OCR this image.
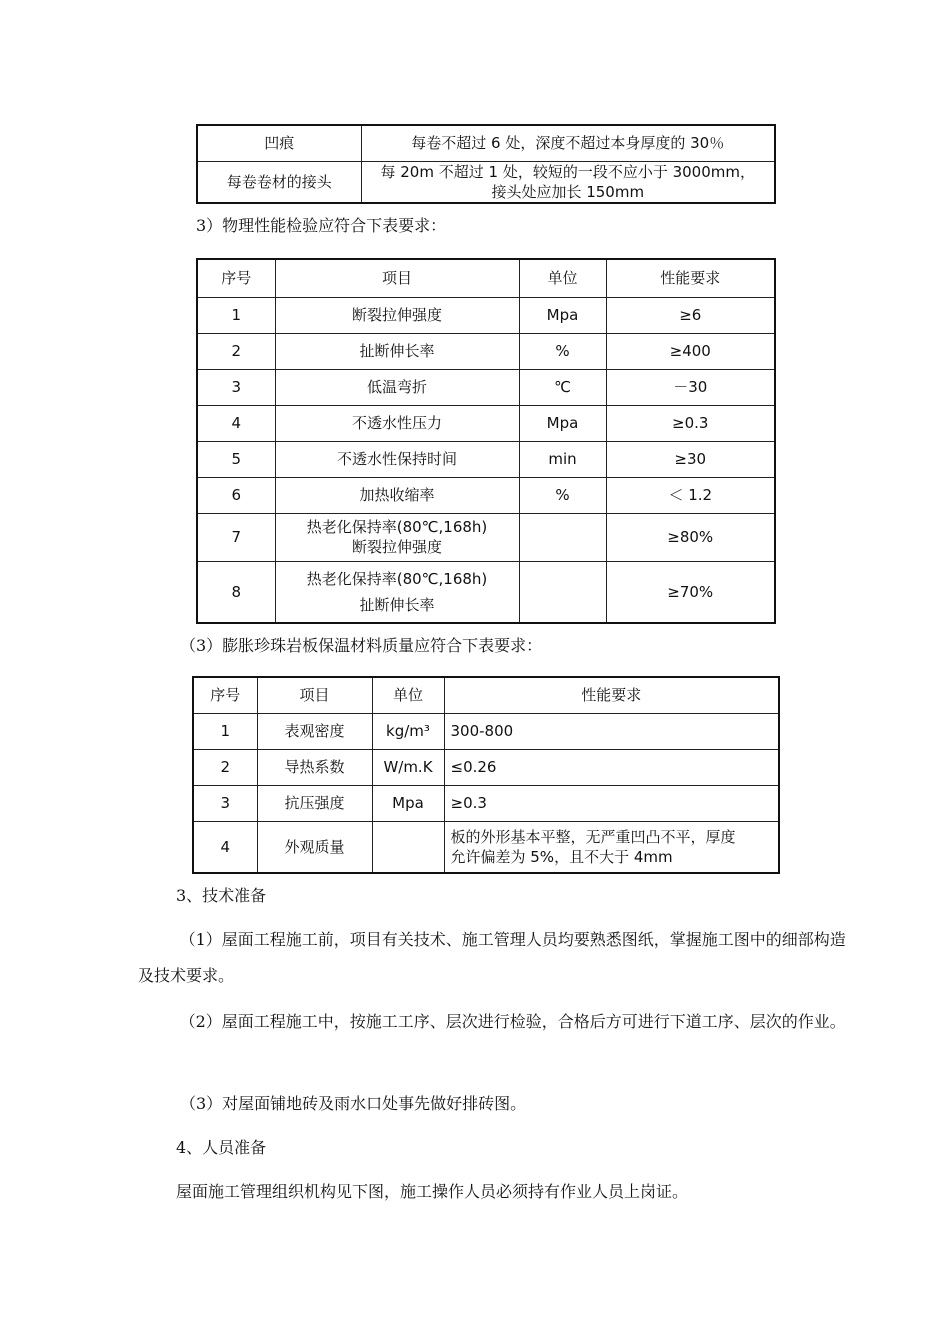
凹痕	每卷不超过 6 处，深度不超过本身厚度的 30％
每卷卷材的接头	每 20m 不超过 1 处，较短的一段不应小于 3000mm，
接头处应加长 150mm
3）物理性能检验应符合下表要求：
序号	项目	单位	性能要求
1	断裂拉伸强度	Mpa	≥6
2	扯断伸长率	%	≥400
3	低温弯折	℃	－30
4	不透水性压力	Mpa	≥0.3
5	不透水性保持时间	min	≥30
6	加热收缩率	%	＜ 1.2
7	热老化保持率(80℃,168h)
断裂拉伸强度		≥80%
8	热老化保持率(80℃,168h)
扯断伸长率		≥70%
（3）膨胀珍珠岩板保温材料质量应符合下表要求：
序号	项目	单位	性能要求
1	表观密度	kg/m³	300-800
2	导热系数	W/m.K	≤0.26
3	抗压强度	Mpa	≥0.3
4	外观质量		板的外形基本平整，无严重凹凸不平，厚度
允许偏差为 5%，且不大于 4mm
3、技术准备
（1）屋面工程施工前，项目有关技术、施工管理人员均要熟悉图纸，掌握施工图中的细部构造及技术要求。
（2）屋面工程施工中，按施工工序、层次进行检验，合格后方可进行下道工序、层次的作业。
（3）对屋面铺地砖及雨水口处事先做好排砖图。
4、人员准备
屋面施工管理组织机构见下图，施工操作人员必须持有作业人员上岗证。
